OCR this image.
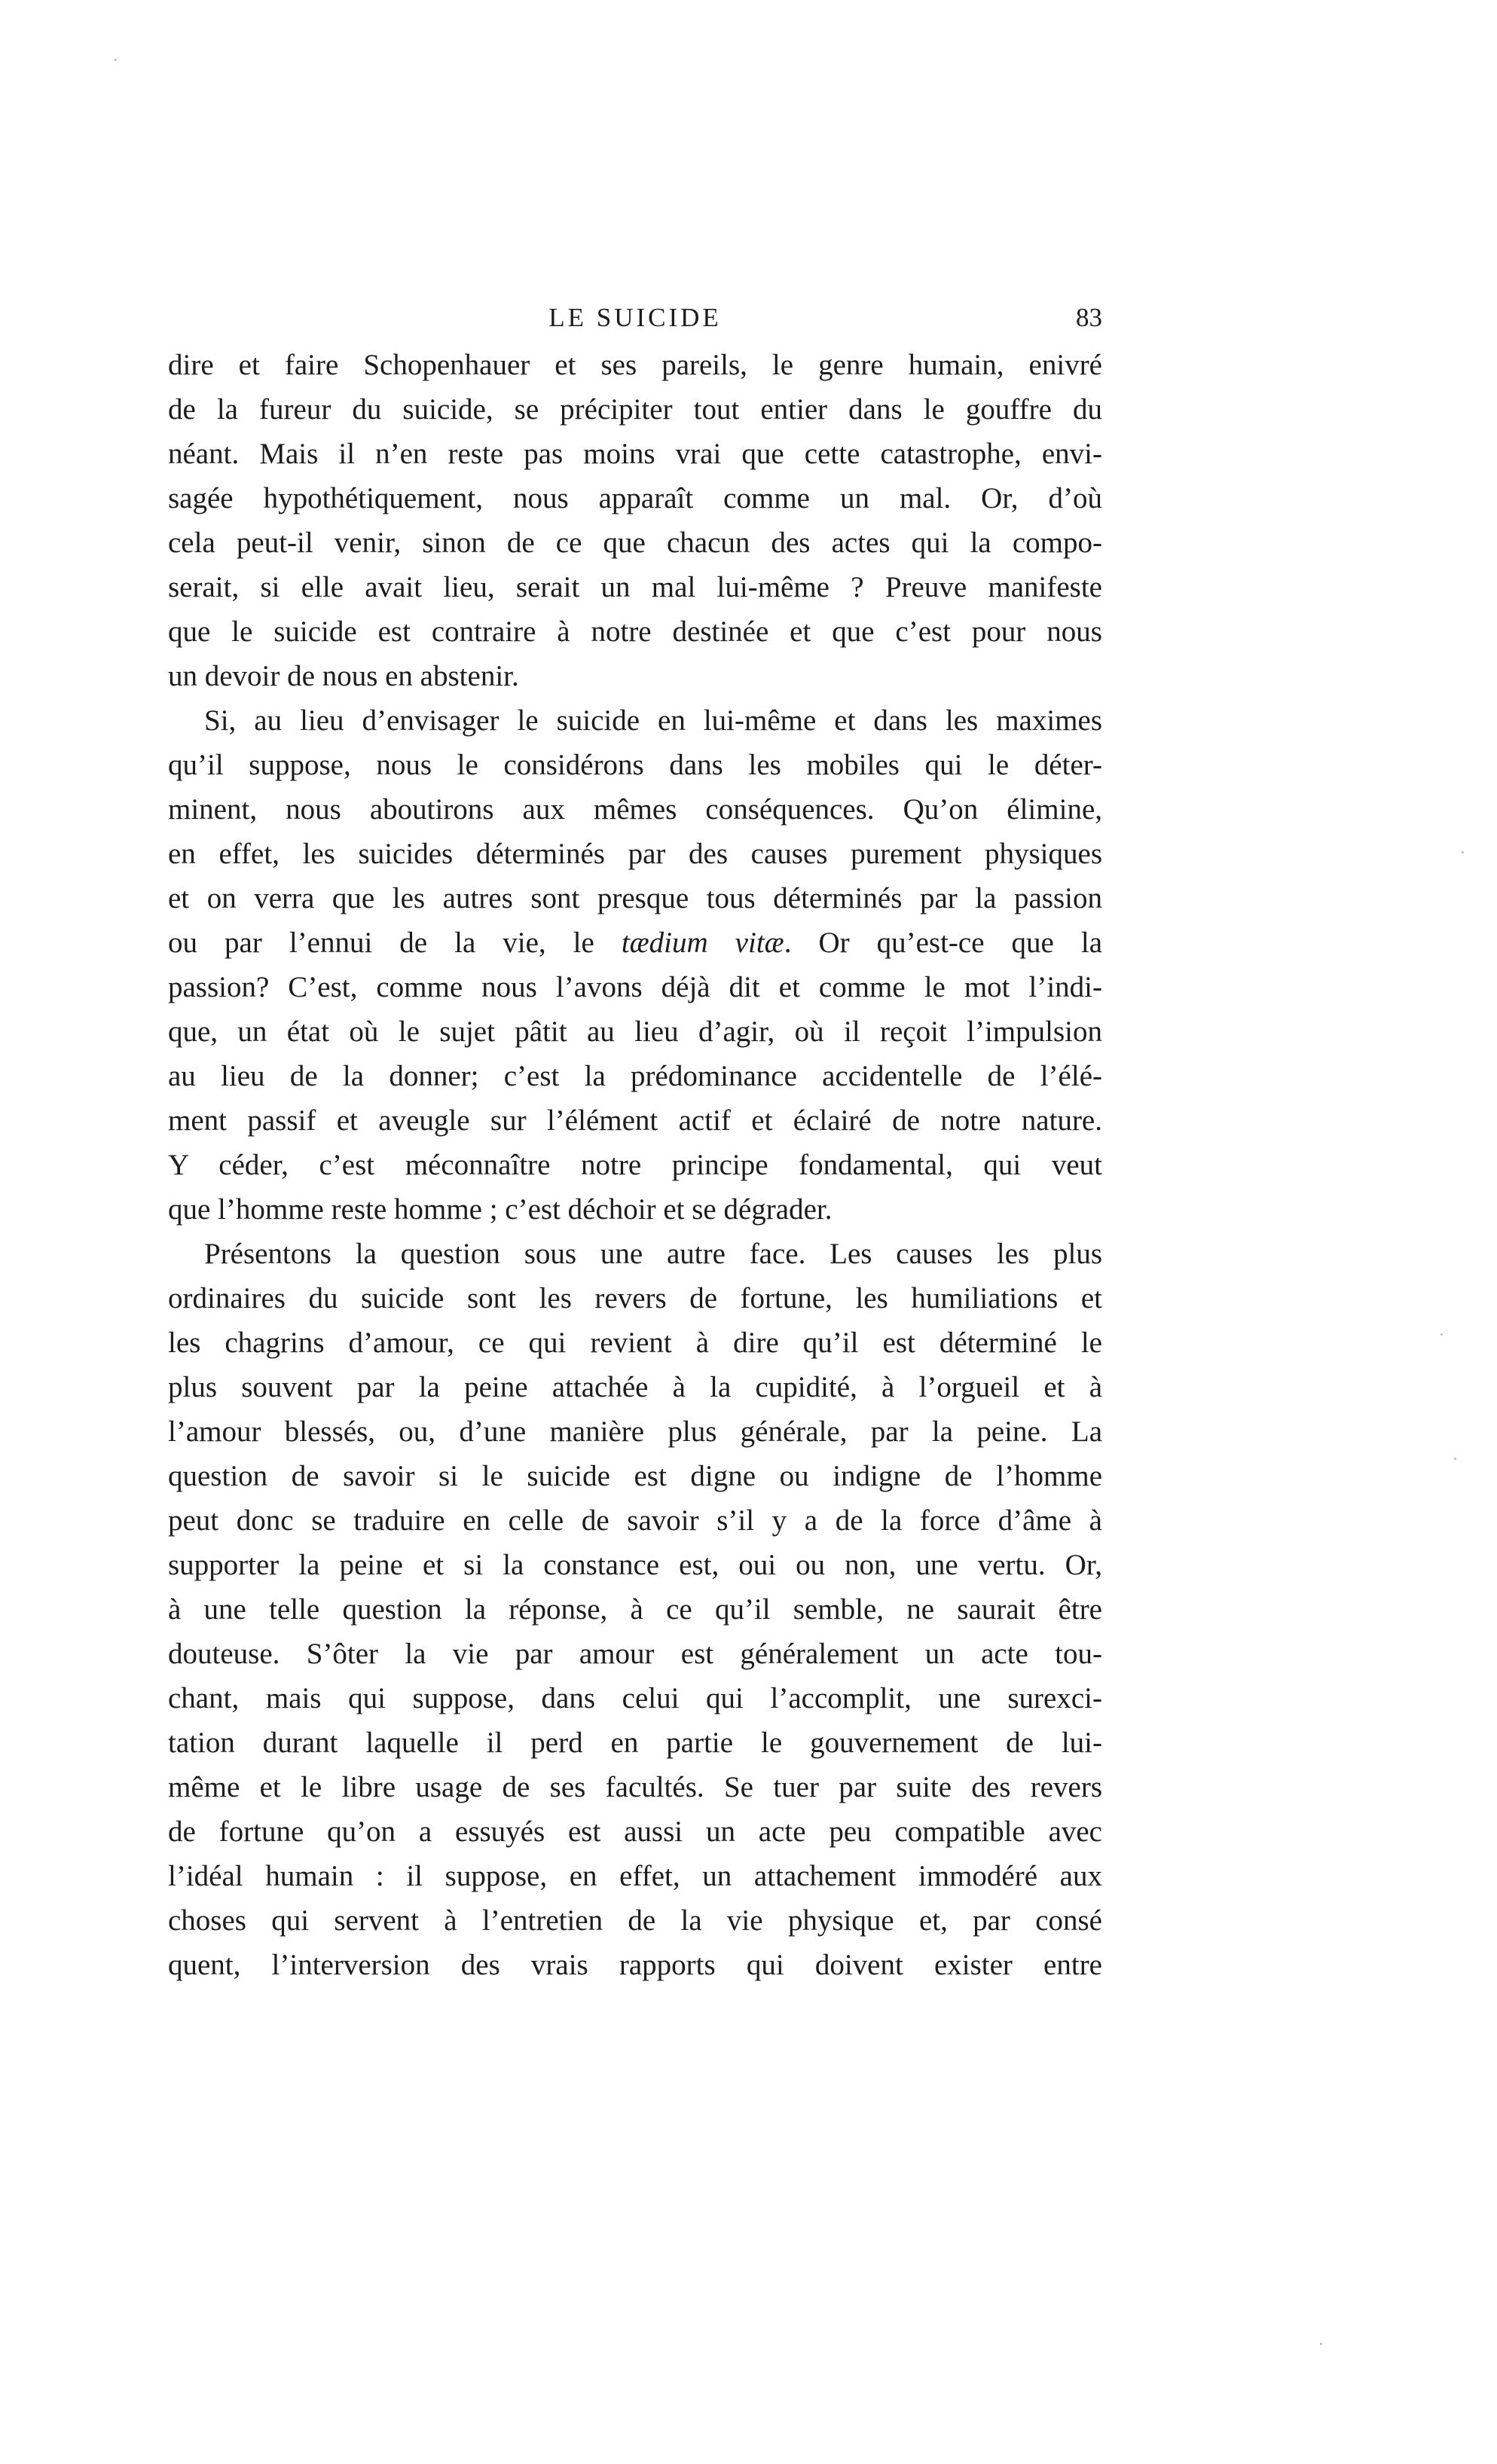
LE SUICIDE	83
dire et faire Schopenhauer et ses pareils, le genre humain, enivré
de la fureur du suicide, se précipiter tout entier dans le gouffre du
néant. Mais il n’en reste pas moins vrai que cette catastrophe, envi-
sagée hypothétiquement, nous apparaît comme un mal. Or, d’où
cela peut-il venir, sinon de ce que chacun des actes qui la compo-
serait, si elle avait lieu, serait un mal lui-même ? Preuve manifeste
que le suicide est contraire à notre destinée et que c’est pour nous
un devoir de nous en abstenir.
Si, au lieu d’envisager le suicide en lui-même et dans les maximes
qu’il suppose, nous le considérons dans les mobiles qui le déter-
minent, nous aboutirons aux mêmes conséquences. Qu’on élimine,
en effet, les suicides déterminés par des causes purement physiques
et on verra que les autres sont presque tous déterminés par la passion
ou par l’ennui de la vie, le tædium vitæ. Or qu’est-ce que la
passion? C’est, comme nous l’avons déjà dit et comme le mot l’indi-
que, un état où le sujet pâtit au lieu d’agir, où il reçoit l’impulsion
au lieu de la donner; c’est la prédominance accidentelle de l’élé-
ment passif et aveugle sur l’élément actif et éclairé de notre nature.
Y céder, c’est méconnaître notre principe fondamental, qui veut
que l’homme reste homme ; c’est déchoir et se dégrader.
Présentons la question sous une autre face. Les causes les plus
ordinaires du suicide sont les revers de fortune, les humiliations et
les chagrins d’amour, ce qui revient à dire qu’il est déterminé le
plus souvent par la peine attachée à la cupidité, à l’orgueil et à
l’amour blessés, ou, d’une manière plus générale, par la peine. La
question de savoir si le suicide est digne ou indigne de l’homme
peut donc se traduire en celle de savoir s’il y a de la force d’âme à
supporter la peine et si la constance est, oui ou non, une vertu. Or,
à une telle question la réponse, à ce qu’il semble, ne saurait être
douteuse. S’ôter la vie par amour est généralement un acte tou-
chant, mais qui suppose, dans celui qui l’accomplit, une surexci-
tation durant laquelle il perd en partie le gouvernement de lui-
même et le libre usage de ses facultés. Se tuer par suite des revers
de fortune qu’on a essuyés est aussi un acte peu compatible avec
l’idéal humain : il suppose, en effet, un attachement immodéré aux
choses qui servent à l’entretien de la vie physique et, par consé
quent, l’interversion des vrais rapports qui doivent exister entre
